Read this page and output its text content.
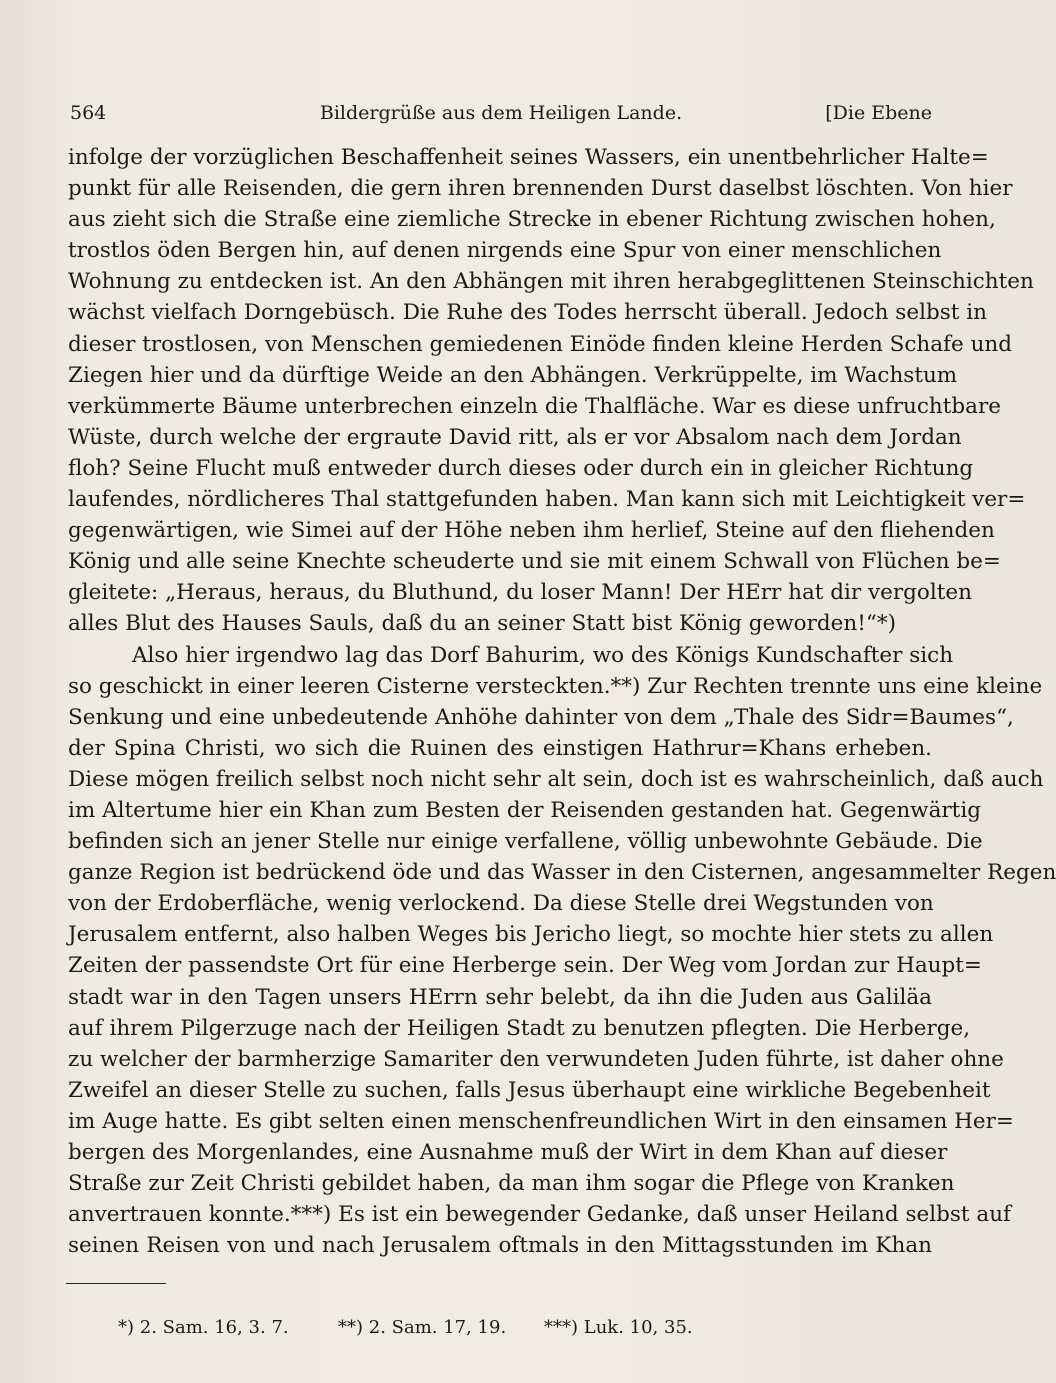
564	Bildergrüße aus dem Heiligen Lande.	[Die Ebene
infolge der vorzüglichen Beschaffenheit seines Wassers, ein unentbehrlicher Halte=
punkt für alle Reisenden, die gern ihren brennenden Durst daselbst löschten. Von hier
aus zieht sich die Straße eine ziemliche Strecke in ebener Richtung zwischen hohen,
trostlos öden Bergen hin, auf denen nirgends eine Spur von einer menschlichen
Wohnung zu entdecken ist. An den Abhängen mit ihren herabgeglittenen Steinschichten
wächst vielfach Dorngebüsch. Die Ruhe des Todes herrscht überall. Jedoch selbst in
dieser trostlosen, von Menschen gemiedenen Einöde finden kleine Herden Schafe und
Ziegen hier und da dürftige Weide an den Abhängen. Verkrüppelte, im Wachstum
verkümmerte Bäume unterbrechen einzeln die Thalfläche. War es diese unfruchtbare
Wüste, durch welche der ergraute David ritt, als er vor Absalom nach dem Jordan
floh? Seine Flucht muß entweder durch dieses oder durch ein in gleicher Richtung
laufendes, nördlicheres Thal stattgefunden haben. Man kann sich mit Leichtigkeit ver=
gegenwärtigen, wie Simei auf der Höhe neben ihm herlief, Steine auf den fliehenden
König und alle seine Knechte scheuderte und sie mit einem Schwall von Flüchen be=
gleitete: „Heraus, heraus, du Bluthund, du loser Mann! Der HErr hat dir vergolten
alles Blut des Hauses Sauls, daß du an seiner Statt bist König geworden!“*)
Also hier irgendwo lag das Dorf Bahurim, wo des Königs Kundschafter sich
so geschickt in einer leeren Cisterne versteckten.**) Zur Rechten trennte uns eine kleine
Senkung und eine unbedeutende Anhöhe dahinter von dem „Thale des Sidr=Baumes“,
der Spina Christi, wo sich die Ruinen des einstigen Hathrur=Khans erheben.
Diese mögen freilich selbst noch nicht sehr alt sein, doch ist es wahrscheinlich, daß auch
im Altertume hier ein Khan zum Besten der Reisenden gestanden hat. Gegenwärtig
befinden sich an jener Stelle nur einige verfallene, völlig unbewohnte Gebäude. Die
ganze Region ist bedrückend öde und das Wasser in den Cisternen, angesammelter Regen
von der Erdoberfläche, wenig verlockend. Da diese Stelle drei Wegstunden von
Jerusalem entfernt, also halben Weges bis Jericho liegt, so mochte hier stets zu allen
Zeiten der passendste Ort für eine Herberge sein. Der Weg vom Jordan zur Haupt=
stadt war in den Tagen unsers HErrn sehr belebt, da ihn die Juden aus Galiläa
auf ihrem Pilgerzuge nach der Heiligen Stadt zu benutzen pflegten. Die Herberge,
zu welcher der barmherzige Samariter den verwundeten Juden führte, ist daher ohne
Zweifel an dieser Stelle zu suchen, falls Jesus überhaupt eine wirkliche Begebenheit
im Auge hatte. Es gibt selten einen menschenfreundlichen Wirt in den einsamen Her=
bergen des Morgenlandes, eine Ausnahme muß der Wirt in dem Khan auf dieser
Straße zur Zeit Christi gebildet haben, da man ihm sogar die Pflege von Kranken
anvertrauen konnte.***) Es ist ein bewegender Gedanke, daß unser Heiland selbst auf
seinen Reisen von und nach Jerusalem oftmals in den Mittagsstunden im Khan
*) 2. Sam. 16, 3. 7.	**) 2. Sam. 17, 19. ***) Luk. 10, 35.
